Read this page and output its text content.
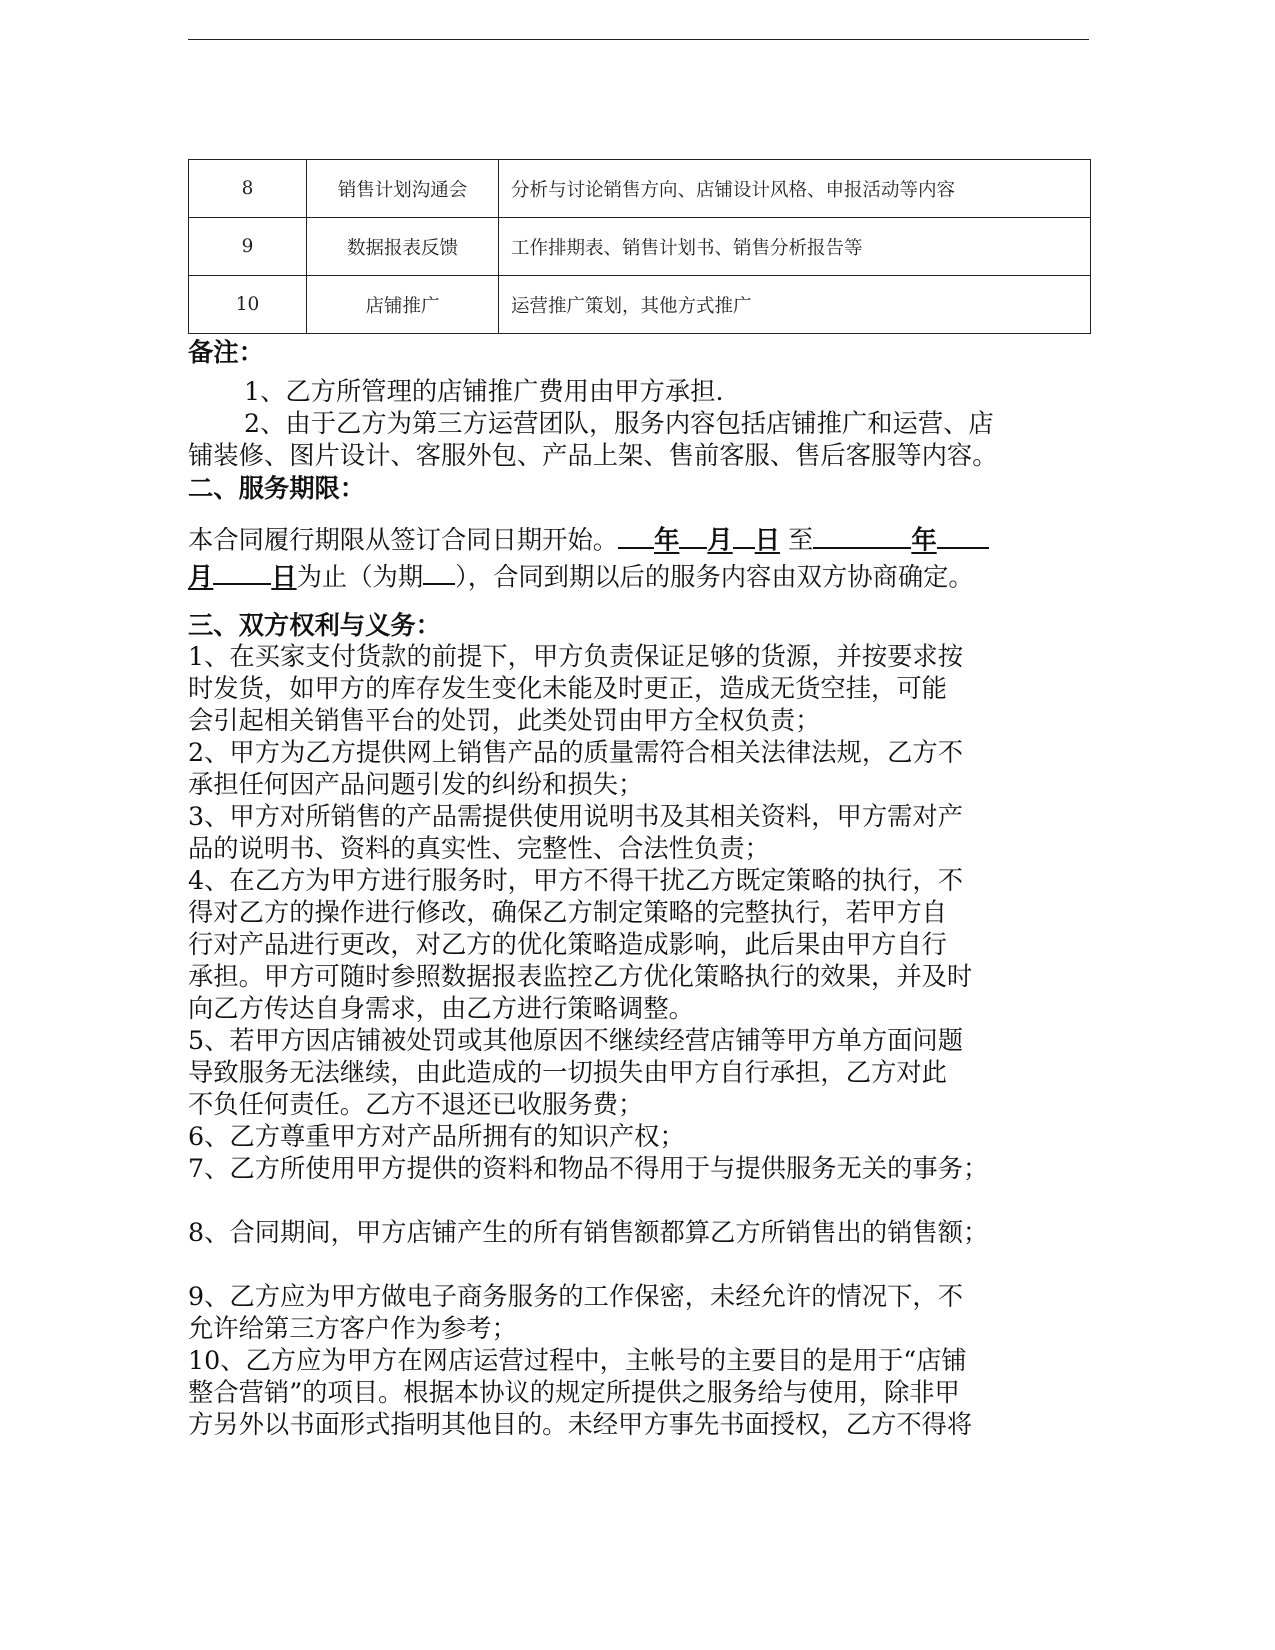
8	销售计划沟通会	分析与讨论销售方向、店铺设计风格、申报活动等内容
9	数据报表反馈	工作排期表、销售计划书、销售分析报告等
10	店铺推广	运营推广策划，其他方式推广

备注：

1、乙方所管理的店铺推广费用由甲方承担.

2、由于乙方为第三方运营团队，服务内容包括店铺推广和运营、店

铺装修、图片设计、客服外包、产品上架、售前客服、售后客服等内容。

二、服务期限：

本合同履行期限从签订合同日期开始。 年 月 日 至	年

月 日为止（为期 ），合同到期以后的服务内容由双方协商确定。

三、双方权利与义务：

1、在买家支付货款的前提下，甲方负责保证足够的货源，并按要求按

时发货，如甲方的库存发生变化未能及时更正，造成无货空挂，可能

会引起相关销售平台的处罚，此类处罚由甲方全权负责；

2、甲方为乙方提供网上销售产品的质量需符合相关法律法规，乙方不

承担任何因产品问题引发的纠纷和损失；

3、甲方对所销售的产品需提供使用说明书及其相关资料，甲方需对产

品的说明书、资料的真实性、完整性、合法性负责；

4、在乙方为甲方进行服务时，甲方不得干扰乙方既定策略的执行，不

得对乙方的操作进行修改，确保乙方制定策略的完整执行，若甲方自

行对产品进行更改，对乙方的优化策略造成影响，此后果由甲方自行

承担。甲方可随时参照数据报表监控乙方优化策略执行的效果，并及时

向乙方传达自身需求，由乙方进行策略调整。

5、若甲方因店铺被处罚或其他原因不继续经营店铺等甲方单方面问题

导致服务无法继续，由此造成的一切损失由甲方自行承担，乙方对此

不负任何责任。乙方不退还已收服务费；

6、乙方尊重甲方对产品所拥有的知识产权；

7、乙方所使用甲方提供的资料和物品不得用于与提供服务无关的事务；

8、合同期间，甲方店铺产生的所有销售额都算乙方所销售出的销售额；

9、乙方应为甲方做电子商务服务的工作保密，未经允许的情况下，不

允许给第三方客户作为参考；

10、乙方应为甲方在网店运营过程中，主帐号的主要目的是用于“店铺

整合营销”的项目。根据本协议的规定所提供之服务给与使用，除非甲

方另外以书面形式指明其他目的。未经甲方事先书面授权，乙方不得将
